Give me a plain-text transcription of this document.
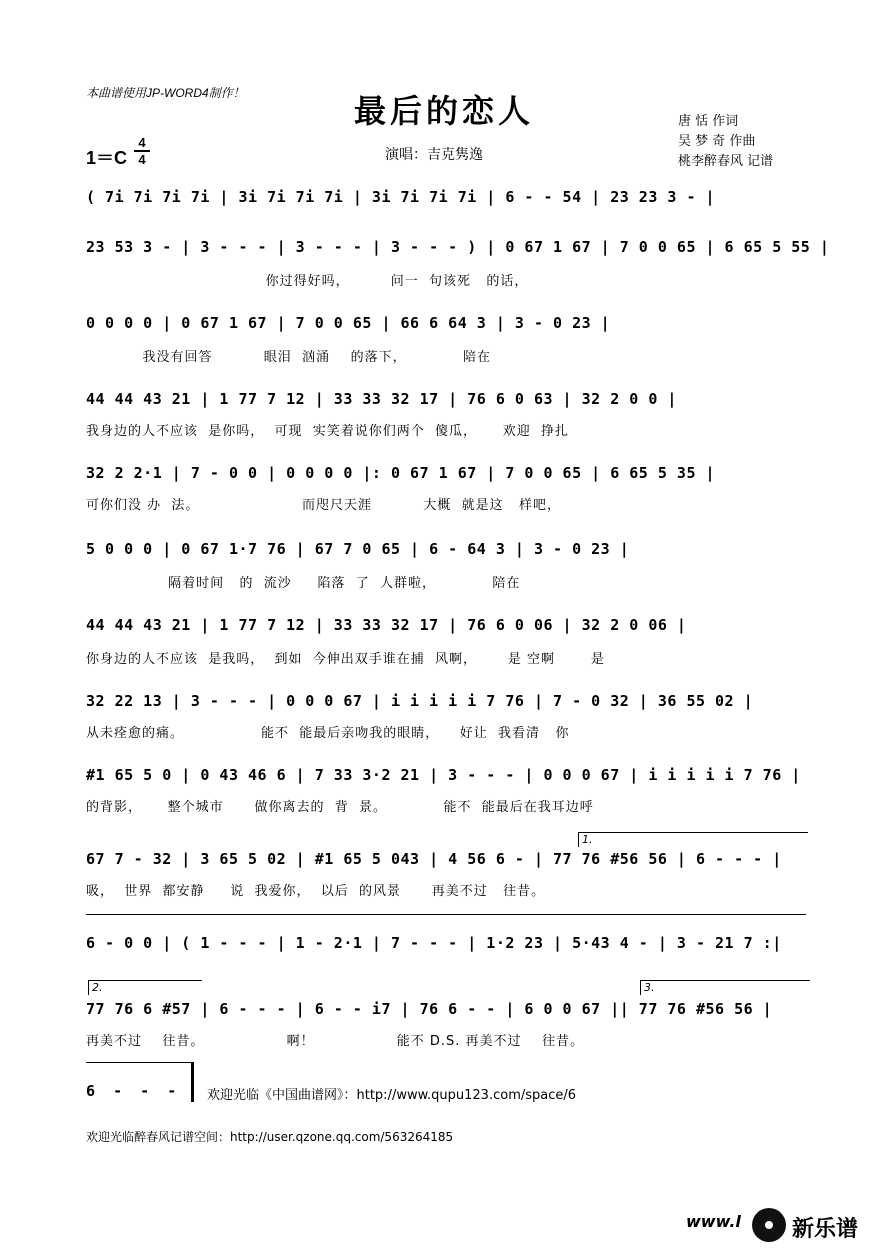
本曲谱使用JP-WORD4制作！	最后的恋人
1＝C
4
4	演唱：吉克隽逸
唐 恬 作词
吴 梦 奇 作曲
桃李醉春风 记谱
( 7i 7i 7i 7i | 3i 7i 7i 7i | 3i 7i 7i 7i | 6 - - 54 | 23 23 3 - |
23 53 3 - | 3 - - - | 3 - - - | 3 - - - ) | 0 67 1 67 | 7 0 0 65 | 6 65 5 55 |
你过得好吗，        问一  句该死   的话，
0 0 0 0 | 0 67 1 67 | 7 0 0 65 | 66 6 64 3 | 3 - 0 23 |
我没有回答          眼泪  汹涌    的落下，           陪在
44 44 43 21 | 1 77 7 12 | 33 33 32 17 | 76 6 0 63 | 32 2 0 0 |
我身边的人不应该  是你吗，  可现  实笑着说你们两个  傻瓜，     欢迎  挣扎
32 2 2·1 | 7 - 0 0 | 0 0 0 0 |: 0 67 1 67 | 7 0 0 65 | 6 65 5 35 |
可你们没 办  法。                    而咫尺天涯          大概  就是这   样吧，
5 0 0 0 | 0 67 1·7 76 | 67 7 0 65 | 6 - 64 3 | 3 - 0 23 |
隔着时间   的  流沙     陷落  了  人群啦，           陪在
44 44 43 21 | 1 77 7 12 | 33 33 32 17 | 76 6 0 06 | 32 2 0 06 |
你身边的人不应该  是我吗，  到如  今伸出双手谁在捕  风啊，      是 空啊       是
32 22 13 | 3 - - - | 0 0 0 67 | i i i i i 7 76 | 7 - 0 32 | 36 55 02 |
从未痊愈的痛。               能不  能最后亲吻我的眼睛，    好让  我看清   你
#1 65 5 0 | 0 43 46 6 | 7 33 3·2 21 | 3 - - - | 0 0 0 67 | i i i i i 7 76 |
的背影，     整个城市      做你离去的  背  景。           能不  能最后在我耳边呼
1.
67 7 - 32 | 3 65 5 02 | #1 65 5 043 | 4 56 6 - | 77 76 #56 56 | 6 - - - |
吸，  世界  都安静     说  我爱你，  以后  的风景      再美不过   往昔。
6 - 0 0 | ( 1 - - - | 1 - 2·1 | 7 - - - | 1·2 23 | 5·43 4 - | 3 - 21 7 :|
2.	3.
77 76 6 #57 | 6 - - - | 6 - - i7 | 76 6 - - | 6 0 0 67 || 77 76 #56 56 |
再美不过    往昔。                啊！                能不 D.S. 再美不过    往昔。
6  -  -  - 欢迎光临《中国曲谱网》：http://www.qupu123.com/space/6
欢迎光临醉春风记谱空间：http://user.qzone.qq.com/563264185
www.l 新乐谱
